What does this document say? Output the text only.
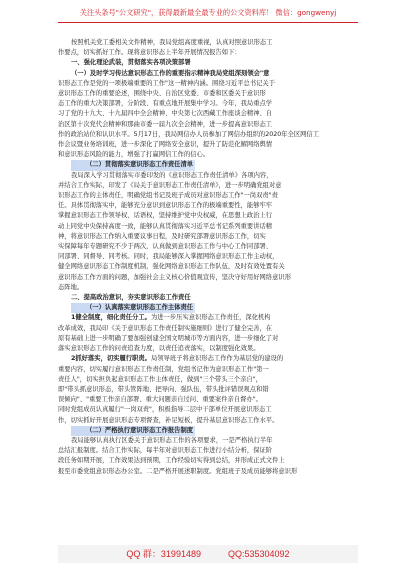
关注头条号"公文研究"，获得最新最全最专业的公文资料库！ 微信：gongwenyj

按照机关党工委相关文件精神，我局党组高度重视，认真对照意识形态工

作要点，切实抓好工作。现将意识形态上半年开展情况报告如下：

一、强化理论武装，贯彻落实各项决策部署

（一）及时学习传达意识形态工作的重要指示精神我局党组深刻领会"意

识形态工作是党的一项极端重要的工作"这一精神内涵。围绕习近平总书记关于

意识形态工作的重要论述，围绕中央、自治区党委、市委和区委关于意识形

态工作的重大决策部署，分阶段、有重点地开展集中学习。今年，我局重点学

习了党的十九大、十九届四中全会精神、中央第七次西藏工作座谈会精神、自

治区第十次党代会精神和那曲市委一届九次全会精神，进一步提高意识形态工

作的政治站位和认识水平。5月17日，我局网信办人员参加了网信办组织的2020年全区网信工

作会议暨业务培训班，进一步深化了网络安全意识，提升了防范化解网络舆情

和意识形态风险的能力，增强了打赢网信工作的信心。

（二）贯彻落实意识形态工作责任清单

我局深入学习贯彻落实市委印发的《意识形态工作责任清单》各项内容，

并结合工作实际，印发了《局关于意识形态工作责任清单》，进一步明确党组对意

识形态工作的主体责任，明确党组书记及班子成员对意识形态工作"一岗双责"责

任。具体贯彻落实中，能够充分意识到意识形态工作的极端重要性，能够牢牢

掌握意识形态工作领导权、话语权，坚持维护党中央权威，在思想上政治上行

动上同党中央保持高度一致，能够认真贯彻落实习近平总书记系列重要讲话精

神，将意识形态工作纳入重要议事日程，及时研究部署意识形态工作，切实

实保障每年专题研究不少于两次，认真做到意识形态工作与中心工作同部署、

同部署、同督导、同考核。同时，我局能够深入掌握网络意识形态工作主动权，

健全网络意识形态工作制度机制，强化网络意识形态工作队伍，及时有效处置有关

意识形态工作方面的问题，加强社会主义核心价值观宣传，坚决守好用好网络意识形

态阵地。

二、提高政治意识，夯实意识形态工作责任

（一）认真落实意识形态工作主体责任

1健全制度，细化责任分工。为进一步压实意识形态工作责任，深化机构

改革成效，我局印《关于意识形态工作责任制实施细则》进行了健全完善，在

原有基础上进一步明确了要加强创建全国文明城市等方面内容，进一步细化了对

落实意识形态工作的问责追查力度，以责任追责落实，以制度强化效果。

2抓好落实，切实履行职责。局领导班子将意识形态工作作为基层党的建设的

重要内容，切实履行意识形态工作责任制，党组书记作为意识形态工作"第一

责任人"，切实担负起意识形态工作主体责任，做到"三个带头三个亲自"，

即"带头抓意识形态，带头管阵地、把导向、强队伍，带头批评错误观点和错

误倾向"、"重要工作亲自部署、重大问题亲自过问、重要案件亲自督办"。

同时党组成员认真履行"一岗双责"，积极指导二层中干部单位开展意识形态工

作，切实抓好开展意识形态专项督查，补足短板，提升基层意识形态工作水平。

（二）严格执行意识形态工作报告制度

我局能够认真执行区委关于意识形态工作的各项要求，一是严格执行半年

总结汇报制度。结合工作实际，每半年对意识形态工作进行小结分析，保证阶

段任务如期开展，工作效果达到预期，工作经验切实得到总结，并形成正式文件上

报至市委党组意识形态办公室。二是严格开展述职制度。党组班子及成员能够将意识形

QQ 群：31991489	QQ:535304092
